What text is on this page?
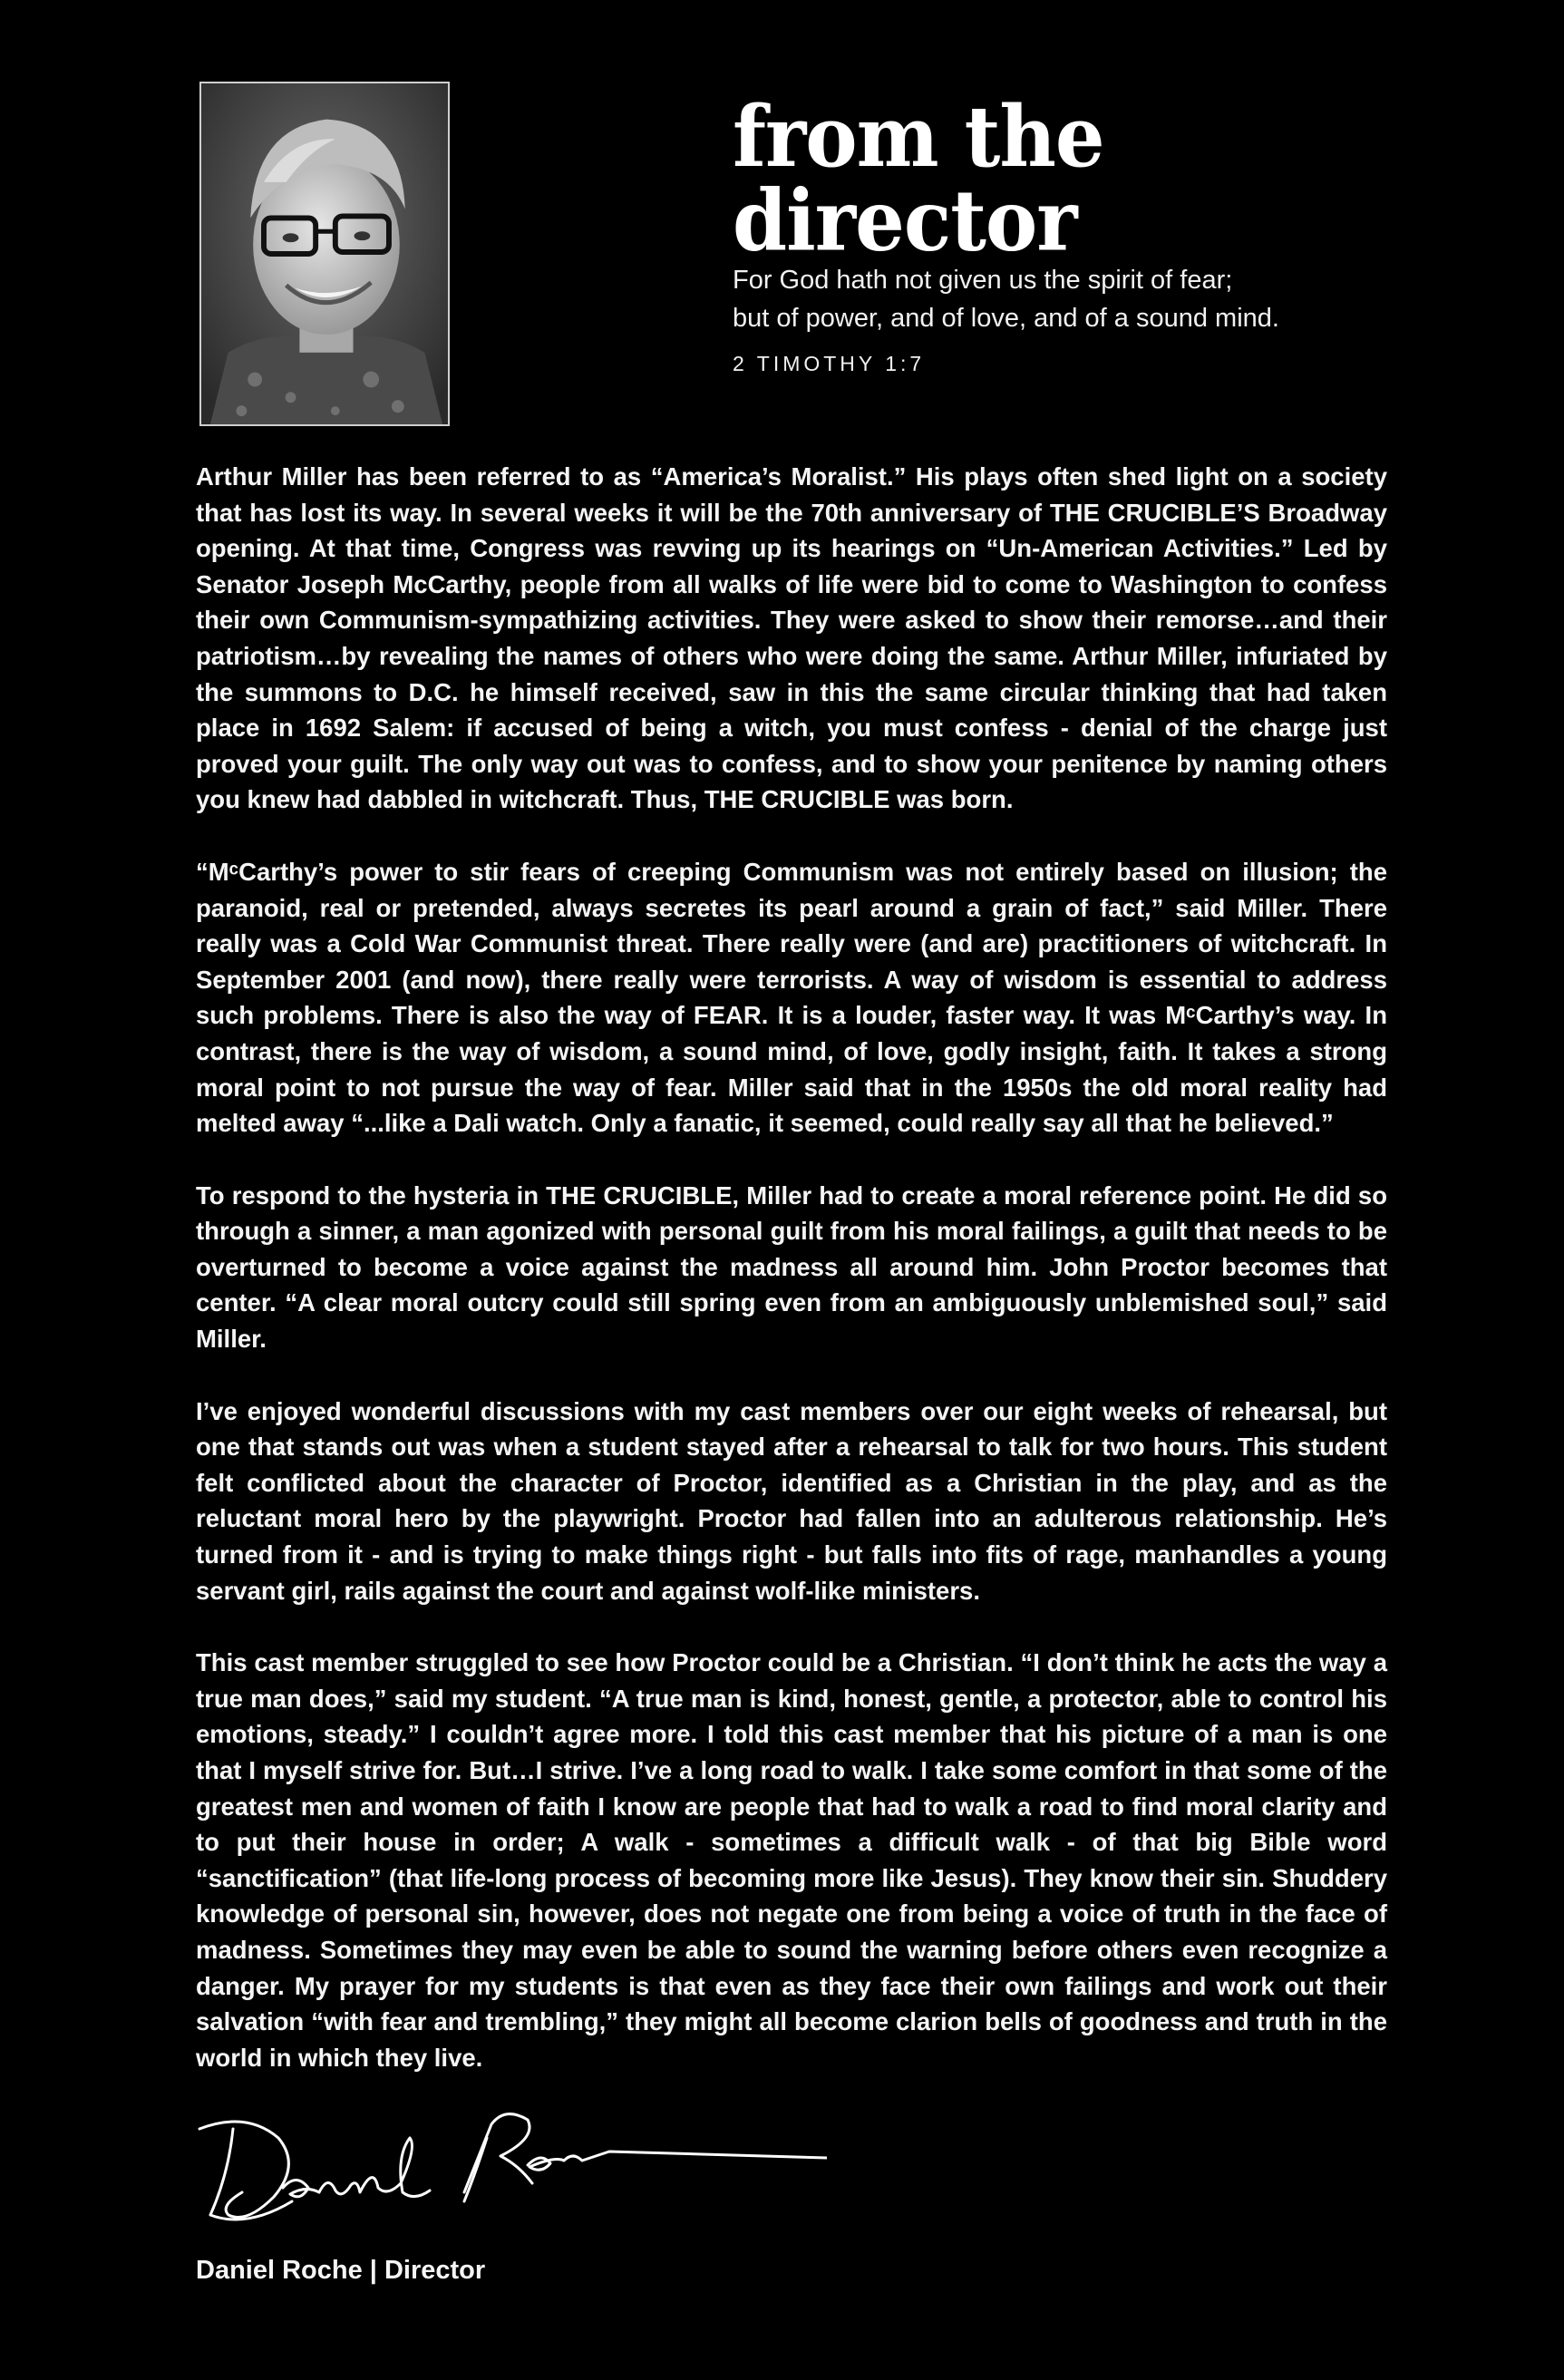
from the director
For God hath not given us the spirit of fear;
but of power, and of love, and of a sound mind.
2 TIMOTHY 1:7

Arthur Miller has been referred to as “America’s Moralist.” His plays often shed light on a society that has lost its way. In several weeks it will be the 70th anniversary of THE CRUCIBLE’S Broadway opening. At that time, Congress was revving up its hearings on “Un-American Activities.” Led by Senator Joseph McCarthy, people from all walks of life were bid to come to Washington to confess their own Communism-sympathizing activities. They were asked to show their remorse…and their patriotism…by revealing the names of others who were doing the same. Arthur Miller, infuriated by the summons to D.C. he himself received, saw in this the same circular thinking that had taken place in 1692 Salem: if accused of being a witch, you must confess - denial of the charge just proved your guilt. The only way out was to confess, and to show your penitence by naming others you knew had dabbled in witchcraft. Thus, THE CRUCIBLE was born.

“MᶜCarthy’s power to stir fears of creeping Communism was not entirely based on illusion; the paranoid, real or pretended, always secretes its pearl around a grain of fact,” said Miller. There really was a Cold War Communist threat. There really were (and are) practitioners of witchcraft. In September 2001 (and now), there really were terrorists. A way of wisdom is essential to address such problems. There is also the way of FEAR. It is a louder, faster way. It was MᶜCarthy’s way. In contrast, there is the way of wisdom, a sound mind, of love, godly insight, faith. It takes a strong moral point to not pursue the way of fear. Miller said that in the 1950s the old moral reality had melted away “...like a Dali watch. Only a fanatic, it seemed, could really say all that he believed.”

To respond to the hysteria in THE CRUCIBLE, Miller had to create a moral reference point. He did so through a sinner, a man agonized with personal guilt from his moral failings, a guilt that needs to be overturned to become a voice against the madness all around him. John Proctor becomes that center. “A clear moral outcry could still spring even from an ambiguously unblemished soul,” said Miller.

I’ve enjoyed wonderful discussions with my cast members over our eight weeks of rehearsal, but one that stands out was when a student stayed after a rehearsal to talk for two hours. This student felt conflicted about the character of Proctor, identified as a Christian in the play, and as the reluctant moral hero by the playwright. Proctor had fallen into an adulterous relationship. He’s turned from it - and is trying to make things right - but falls into fits of rage, manhandles a young servant girl, rails against the court and against wolf-like ministers.

This cast member struggled to see how Proctor could be a Christian. “I don’t think he acts the way a true man does,” said my student. “A true man is kind, honest, gentle, a protector, able to control his emotions, steady.” I couldn’t agree more. I told this cast member that his picture of a man is one that I myself strive for. But…I strive. I’ve a long road to walk. I take some comfort in that some of the greatest men and women of faith I know are people that had to walk a road to find moral clarity and to put their house in order; A walk - sometimes a difficult walk - of that big Bible word “sanctification” (that life-long process of becoming more like Jesus). They know their sin. Shuddery knowledge of personal sin, however, does not negate one from being a voice of truth in the face of madness. Sometimes they may even be able to sound the warning before others even recognize a danger. My prayer for my students is that even as they face their own failings and work out their salvation “with fear and trembling,” they might all become clarion bells of goodness and truth in the world in which they live.

Daniel Roche | Director
